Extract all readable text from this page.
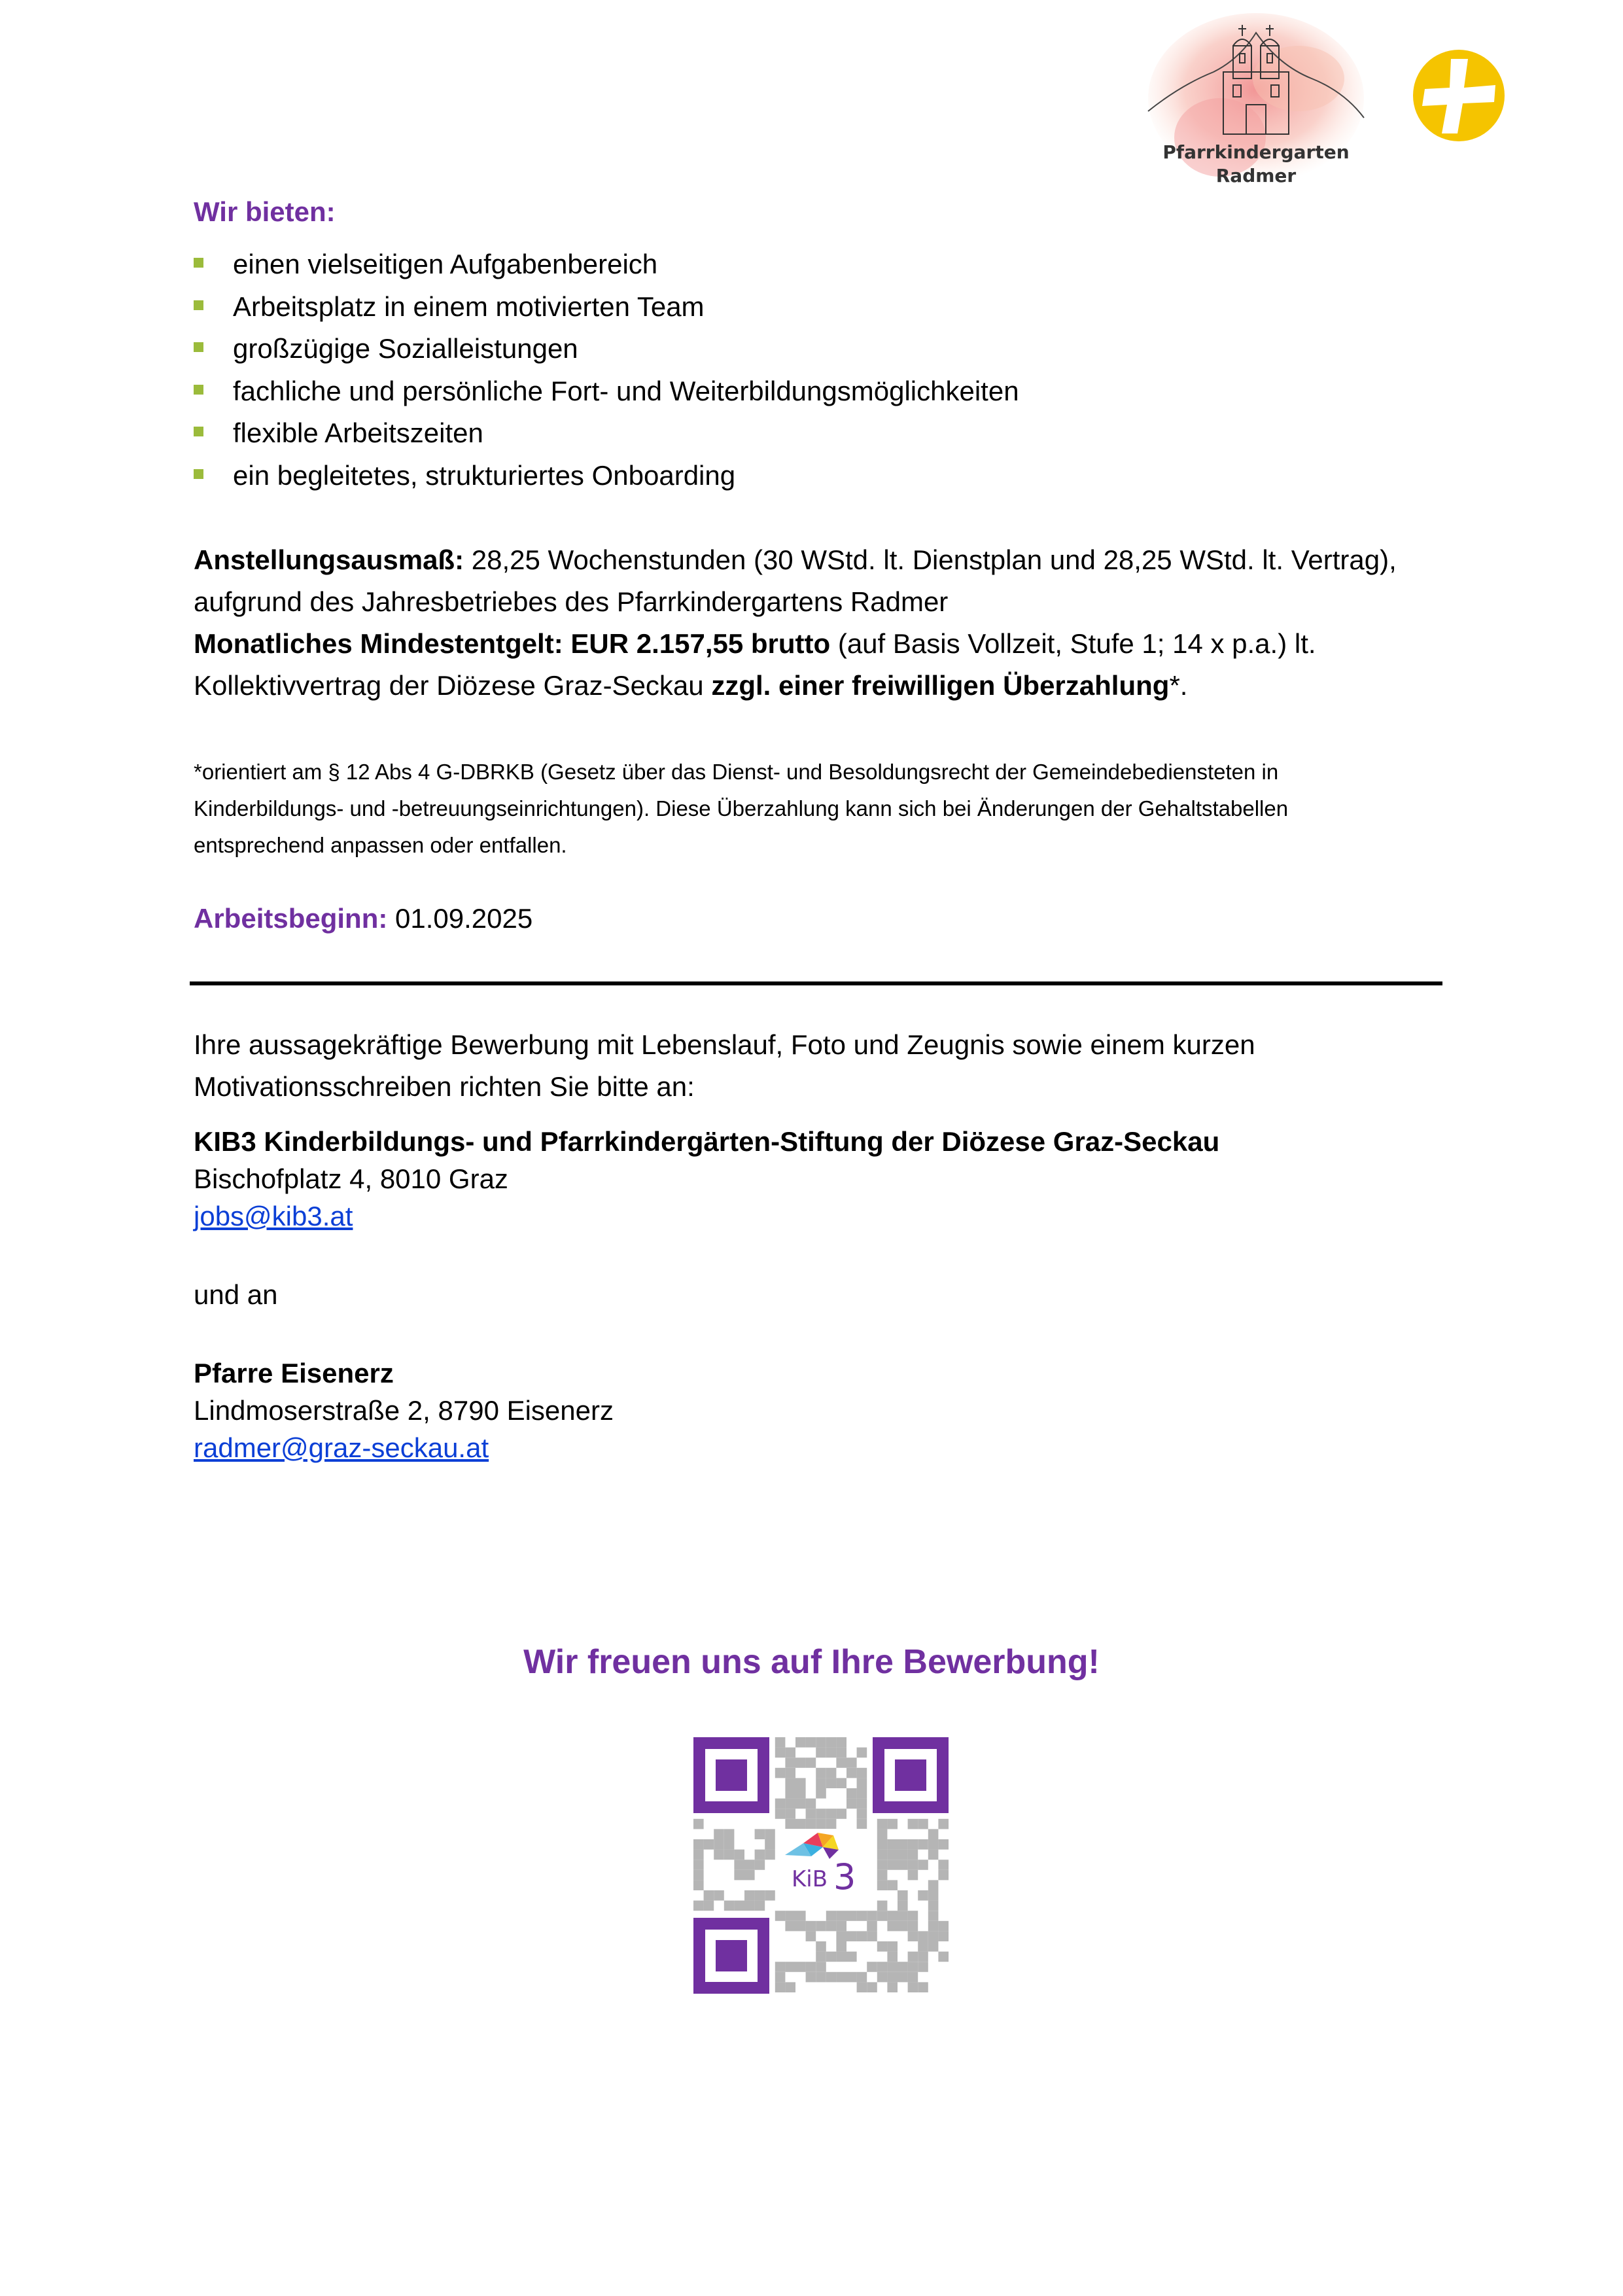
Pfarrkindergarten
Radmer
Wir bieten:
einen vielseitigen Aufgabenbereich
Arbeitsplatz in einem motivierten Team
großzügige Sozialleistungen
fachliche und persönliche Fort- und Weiterbildungsmöglichkeiten
flexible Arbeitszeiten
ein begleitetes, strukturiertes Onboarding
Anstellungsausmaß: 28,25 Wochenstunden (30 WStd. lt. Dienstplan und 28,25 WStd. lt. Vertrag),
aufgrund des Jahresbetriebes des Pfarrkindergartens Radmer
Monatliches Mindestentgelt: EUR 2.157,55 brutto (auf Basis Vollzeit, Stufe 1; 14 x p.a.) lt.
Kollektivvertrag der Diözese Graz-Seckau zzgl. einer freiwilligen Überzahlung*.
*orientiert am § 12 Abs 4 G-DBRKB (Gesetz über das Dienst- und Besoldungsrecht der Gemeindebediensteten in
Kinderbildungs- und -betreuungseinrichtungen). Diese Überzahlung kann sich bei Änderungen der Gehaltstabellen
entsprechend anpassen oder entfallen.
Arbeitsbeginn: 01.09.2025
Ihre aussagekräftige Bewerbung mit Lebenslauf, Foto und Zeugnis sowie einem kurzen
Motivationsschreiben richten Sie bitte an:
KIB3 Kinderbildungs- und Pfarrkindergärten-Stiftung der Diözese Graz-Seckau
Bischofplatz 4, 8010 Graz
jobs@kib3.at
und an
Pfarre Eisenerz
Lindmoserstraße 2, 8790 Eisenerz
radmer@graz-seckau.at
Wir freuen uns auf Ihre Bewerbung!
KiB 3
